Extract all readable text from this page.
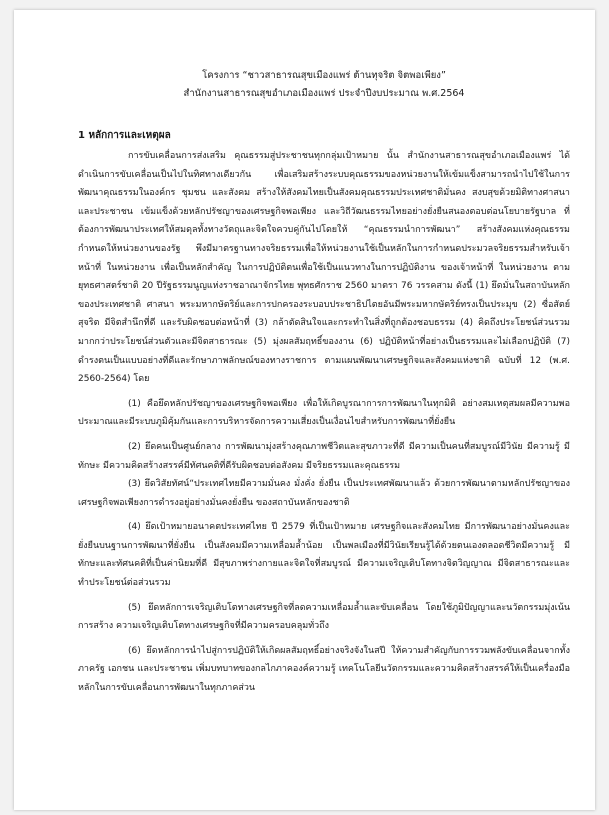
โครงการ “ชาวสาธารณสุขเมืองแพร่ ต้านทุจริต จิตพอเพียง”

สำนักงานสาธารณสุขอำเภอเมืองแพร่ ประจำปีงบประมาณ พ.ศ.2564

1 หลักการและเหตุผล

การขับเคลื่อนการส่งเสริม คุณธรรมสู่ประชาชนทุกกลุ่มเป้าหมาย นั้น สำนักงานสาธารณสุขอำเภอเมืองแพร่ ได้ดำเนินการขับเคลื่อนเป็นไปในทิศทางเดียวกัน เพื่อเสริมสร้างระบบคุณธรรมของหน่วยงานให้เข้มแข็งสามารถนำไปใช้ในการพัฒนาคุณธรรมในองค์กร ชุมชน และสังคม สร้างให้สังคมไทยเป็นสังคมคุณธรรมประเทศชาติมั่นคง สงบสุขด้วยมิติทางศาสนา และประชาชน เข้มแข็งด้วยหลักปรัชญาของเศรษฐกิจพอเพียง และวิถีวัฒนธรรมไทยอย่างยั่งยืนสนองตอบต่อนโยบายรัฐบาล ที่ต้องการพัฒนาประเทศให้สมดุลทั้งทางวัตถุและจิตใจควบคู่กันไปโดยให้ “คุณธรรมนำการพัฒนา” สร้างสังคมแห่งคุณธรรมกำหนดให้หน่วยงานของรัฐ พึงมีมาตรฐานทางจริยธรรมเพื่อให้หน่วยงานใช้เป็นหลักในการกำหนดประมวลจริยธรรมสำหรับเจ้าหน้าที่ ในหน่วยงาน เพื่อเป็นหลักสำคัญ ในการปฏิบัติตนเพื่อใช้เป็นแนวทางในการปฏิบัติงาน ของเจ้าหน้าที่ ในหน่วยงาน ตามยุทธศาสตร์ชาติ 20 ปีรัฐธรรมนูญแห่งราชอาณาจักรไทย พุทธศักราช 2560 มาตรา 76 วรรคสาม ดังนี้ (1) ยึดมั่นในสถาบันหลักของประเทศชาติ ศาสนา พระมหากษัตริย์และการปกครองระบอบประชาธิปไตยอันมีพระมหากษัตริย์ทรงเป็นประมุข (2) ซื่อสัตย์สุจริต มีจิตสำนึกที่ดี และรับผิดชอบต่อหน้าที่ (3) กล้าตัดสินใจและกระทำในสิ่งที่ถูกต้องชอบธรรม (4) คิดถึงประโยชน์ส่วนรวมมากกว่าประโยชน์ส่วนตัวและมีจิตสาธารณะ (5) มุ่งผลสัมฤทธิ์ของงาน (6) ปฏิบัติหน้าที่อย่างเป็นธรรมและไม่เลือกปฏิบัติ (7) ดำรงตนเป็นแบบอย่างที่ดีและรักษาภาพลักษณ์ของทางราชการ ตามแผนพัฒนาเศรษฐกิจและสังคมแห่งชาติ ฉบับที่ 12 (พ.ศ. 2560-2564) โดย

(1) คือยึดหลักปรัชญาของเศรษฐกิจพอเพียง เพื่อให้เกิดบูรณาการการพัฒนาในทุกมิติ อย่างสมเหตุสมผลมีความพอประมาณและมีระบบภูมิคุ้มกันและการบริหารจัดการความเสี่ยงเป็นเงื่อนไขสำหรับการพัฒนาที่ยั่งยืน

(2) ยึดคนเป็นศูนย์กลาง การพัฒนามุ่งสร้างคุณภาพชีวิตและสุขภาวะที่ดี มีความเป็นคนที่สมบูรณ์มีวินัย มีความรู้ มีทักษะ มีความคิดสร้างสรรค์มีทัศนคติที่ดีรับผิดชอบต่อสังคม มีจริยธรรมและคุณธรรม

(3) ยึดวิสัยทัศน์“ประเทศไทยมีความมั่นคง มั่งคั่ง ยั่งยืน เป็นประเทศพัฒนาแล้ว ด้วยการพัฒนาตามหลักปรัชญาของเศรษฐกิจพอเพียงการดำรงอยู่อย่างมั่นคงยั่งยืน ของสถาบันหลักของชาติ

(4) ยึดเป้าหมายอนาคตประเทศไทย ปี 2579 ที่เป็นเป้าหมาย เศรษฐกิจและสังคมไทย มีการพัฒนาอย่างมั่นคงและยั่งยืนบนฐานการพัฒนาที่ยั่งยืน เป็นสังคมมีความเหลื่อมล้ำน้อย เป็นพลเมืองที่มีวินัยเรียนรู้ได้ด้วยตนเองตลอดชีวิตมีความรู้ มีทักษะและทัศนคติที่เป็นค่านิยมที่ดี มีสุขภาพร่างกายและจิตใจที่สมบูรณ์ มีความเจริญเติบโตทางจิตวิญญาณ มีจิตสาธารณะและทำประโยชน์ต่อส่วนรวม

(5) ยึดหลักการเจริญเติบโตทางเศรษฐกิจที่ลดความเหลื่อมล้ำและขับเคลื่อน โดยใช้ภูมิปัญญาและนวัตกรรมมุ่งเน้นการสร้าง ความเจริญเติบโตทางเศรษฐกิจที่มีความครอบคลุมทั่วถึง

(6) ยึดหลักการนำไปสู่การปฏิบัติให้เกิดผลสัมฤทธิ์อย่างจริงจังในสปี ให้ความสำคัญกับการรวมพลังขับเคลื่อนจากทั้งภาครัฐ เอกชน และประชาชน เพิ่มบทบาทของกลไกภาคองค์ความรู้ เทคโนโลยีนวัตกรรมและความคิดสร้างสรรค์ให้เป็นเครื่องมือหลักในการขับเคลื่อนการพัฒนาในทุกภาคส่วน
